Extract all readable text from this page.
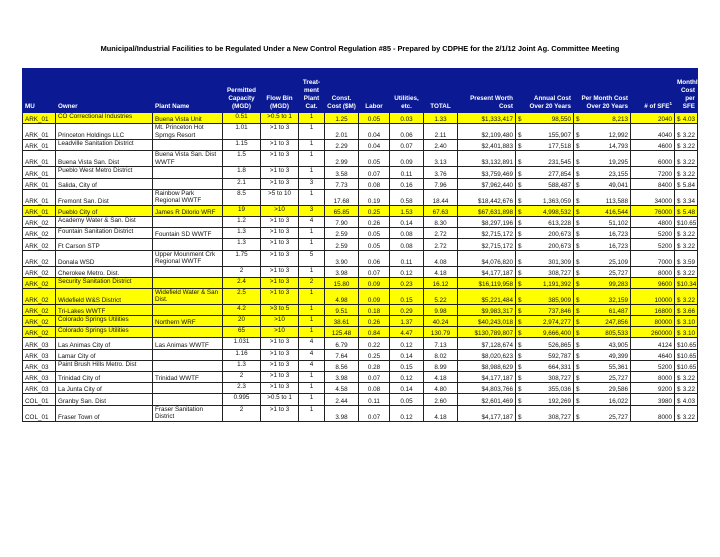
Municipal/Industrial Facilities to be Regulated Under a New Control Regulation #85 - Prepared by CDPHE for the 2/1/12 Joint Ag. Committee Meeting
MU	Owner	Plant Name	Permitted Capacity (MGD)	Flow Bin (MGD)	Treat-ment Plant Cat.	Const. Cost ($M)	Labor	Utilities, etc.	TOTAL	Present Worth Cost	Annual Cost Over 20 Years	Per Month Cost Over 20 Years	# of SFE$^1$	Monthly Cost per SFE
ARK_01	CO Correctional Industries	Buena Vista Unit	0.51	>0.5 to 1	1	1.25	0.05	0.03	1.33	$1,333,417	$ 98,550	$ 8,213	2040	$ 4.03

ARK_01	Princeton Holdings LLC	Mt. Princeton Hot Sprngs Resort	1.01	>1 to 3	1	2.01	0.04	0.06	2.11	$2,109,480	$ 155,907	$ 12,992	4040	$ 3.22

ARK_01	Leadville Sanitation District		1.15	>1 to 3	1	2.29	0.04	0.07	2.40	$2,401,883	$ 177,518	$ 14,793	4600	$ 3.22

ARK_01	Buena Vista San. Dist	Buena Vista San. Dist WWTF	1.5	>1 to 3	1	2.99	0.05	0.09	3.13	$3,132,891	$ 231,545	$ 19,295	6000	$ 3.22

ARK_01	Pueblo West Metro District		1.8	>1 to 3	1	3.58	0.07	0.11	3.76	$3,759,469	$ 277,854	$ 23,155	7200	$ 3.22

ARK_01	Salida, City of		2.1	>1 to 3	3	7.73	0.08	0.16	7.96	$7,962,440	$ 588,487	$ 49,041	8400	$ 5.84

ARK_01	Fremont San. Dist	Rainbow Park Regional WWTF	8.5	>5 to 10	1	17.68	0.19	0.58	18.44	$18,442,676	$ 1,363,059	$ 113,588	34000	$ 3.34

ARK_01	Pueblo City of	James R Dilorio WRF	19	>10	3	65.85	0.25	1.53	67.63	$67,631,898	$ 4,998,532	$ 416,544	76000	$ 5.48

ARK_02	Academy Water & San. Dist		1.2	>1 to 3	4	7.90	0.26	0.14	8.30	$8,297,196	$ 613,228	$ 51,102	4800	$ 10.65

ARK_02	Fountain Sanitation District	Fountain SD WWTF	1.3	>1 to 3	1	2.59	0.05	0.08	2.72	$2,715,172	$ 200,673	$ 16,723	5200	$ 3.22

ARK_02	Ft Carson STP		1.3	>1 to 3	1	2.59	0.05	0.08	2.72	$2,715,172	$ 200,673	$ 16,723	5200	$ 3.22

ARK_02	Donala WSD	Upper Mounment Crk Regional WWTF	1.75	>1 to 3	5	3.90	0.06	0.11	4.08	$4,076,820	$ 301,309	$ 25,109	7000	$ 3.59

ARK_02	Cherokee Metro. Dist.		2	>1 to 3	1	3.98	0.07	0.12	4.18	$4,177,187	$ 308,727	$ 25,727	8000	$ 3.22

ARK_02	Security Sanitation District		2.4	>1 to 3	2	15.80	0.09	0.23	16.12	$16,119,958	$ 1,191,392	$ 99,283	9600	$ 10.34

ARK_02	Widefield W&S District	Widefield Water & San Dist.	2.5	>1 to 3	1	4.98	0.09	0.15	5.22	$5,221,484	$ 385,909	$ 32,159	10000	$ 3.22

ARK_02	Tri-Lakes WWTF		4.2	>3 to 5	1	9.51	0.18	0.29	9.98	$9,983,317	$ 737,846	$ 61,487	16800	$ 3.66

ARK_02	Colorado Springs Utilities	Northern WRF	20	>10	1	38.61	0.26	1.37	40.24	$40,243,018	$ 2,974,277	$ 247,856	80000	$ 3.10

ARK_02	Colorado Springs Utilities		65	>10	1	125.48	0.84	4.47	130.79	$130,789,807	$ 9,666,400	$ 805,533	260000	$ 3.10

ARK_03	Las Animas City of	Las Animas WWTF	1.031	>1 to 3	4	6.79	0.22	0.12	7.13	$7,128,674	$ 526,865	$ 43,905	4124	$ 10.65

ARK_03	Lamar City of		1.16	>1 to 3	4	7.64	0.25	0.14	8.02	$8,020,623	$ 592,787	$ 49,399	4640	$ 10.65

ARK_03	Paint Brush Hills Metro. Dist		1.3	>1 to 3	4	8.56	0.28	0.15	8.99	$8,988,629	$ 664,331	$ 55,361	5200	$ 10.65

ARK_03	Trinidad City of	Trinidad WWTF	2	>1 to 3	1	3.98	0.07	0.12	4.18	$4,177,187	$ 308,727	$ 25,727	8000	$ 3.22

ARK_03	La Junta City of		2.3	>1 to 3	1	4.58	0.08	0.14	4.80	$4,803,766	$ 355,036	$ 29,586	9200	$ 3.22

COL_01	Granby San. Dist		0.995	>0.5 to 1	1	2.44	0.11	0.05	2.60	$2,601,469	$ 192,269	$ 16,022	3980	$ 4.03

COL_01	Fraser Town of	Fraser Sanitation District	2	>1 to 3	1	3.98	0.07	0.12	4.18	$4,177,187	$ 308,727	$ 25,727	8000	$ 3.22
